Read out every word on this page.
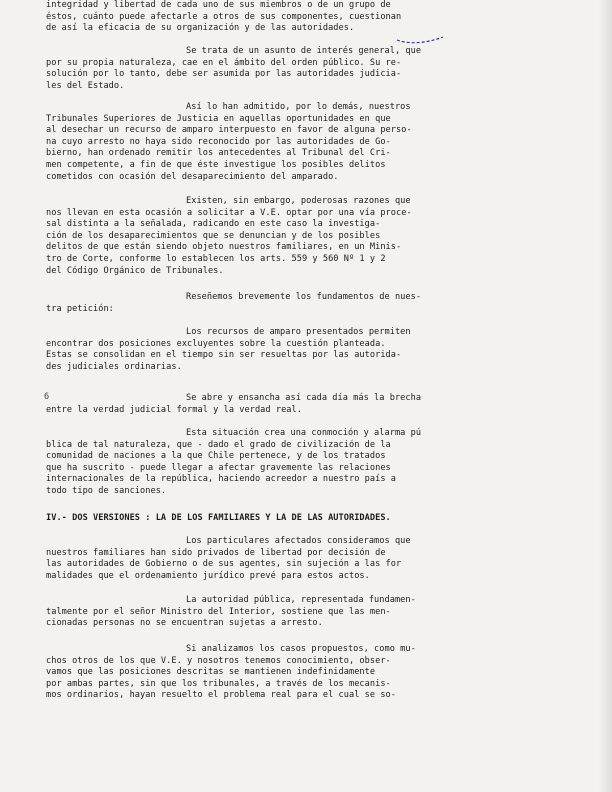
integridad y libertad de cada uno de sus miembros o de un grupo de
éstos, cuánto puede afectarle a otros de sus componentes, cuestionan
de así la eficacia de su organización y de las autoridades.
Se trata de un asunto de interés general, que
por su propia naturaleza, cae en el ámbito del orden público. Su re-
solución por lo tanto, debe ser asumida por las autoridades judicia-
les del Estado.
Así lo han admitido, por lo demás, nuestros
Tribunales Superiores de Justicia en aquellas oportunidades en que
al desechar un recurso de amparo interpuesto en favor de alguna perso-
na cuyo arresto no haya sido reconocido por las autoridades de Go-
bierno, han ordenado remitir los antecedentes al Tribunal del Cri-
men competente, a fin de que éste investigue los posibles delitos
cometidos con ocasión del desaparecimiento del amparado.
Existen, sin embargo, poderosas razones que
nos llevan en esta ocasión a solicitar a V.E. optar por una vía proce-
sal distinta a la señalada, radicando en este caso la investiga-
ción de los desaparecimientos que se denuncian y de los posibles
delitos de que están siendo objeto nuestros familiares, en un Minis-
tro de Corte, conforme lo establecen los arts. 559 y 560 Nº 1 y 2
del Código Orgánico de Tribunales.
Reseñemos brevemente los fundamentos de nues-
tra petición:
Los recursos de amparo presentados permiten
encontrar dos posiciones excluyentes sobre la cuestión planteada.
Estas se consolidan en el tiempo sin ser resueltas por las autorida-
des judiciales ordinarias.
Se abre y ensancha así cada día más la brecha
entre la verdad judicial formal y la verdad real.
Esta situación crea una conmoción y alarma pú
blica de tal naturaleza, que - dado el grado de civilización de la
comunidad de naciones a la que Chile pertenece, y de los tratados
que ha suscrito - puede llegar a afectar gravemente las relaciones
internacionales de la república, haciendo acreedor a nuestro país a
todo tipo de sanciones.
IV.- DOS VERSIONES : LA DE LOS FAMILIARES Y LA DE LAS AUTORIDADES.
Los particulares afectados consideramos que
nuestros familiares han sido privados de libertad por decisión de
las autoridades de Gobierno o de sus agentes, sin sujeción a las for
malidades que el ordenamiento jurídico prevé para estos actos.
La autoridad pública, representada fundamen-
talmente por el señor Ministro del Interior, sostiene que las men-
cionadas personas no se encuentran sujetas a arresto.
Si analizamos los casos propuestos, como mu-
chos otros de los que V.E. y nosotros tenemos conocimiento, obser-
vamos que las posiciones descritas se mantienen indefinidamente
por ambas partes, sin que los tribunales, a través de los mecanis-
mos ordinarios, hayan resuelto el problema real para el cual se so-
6
